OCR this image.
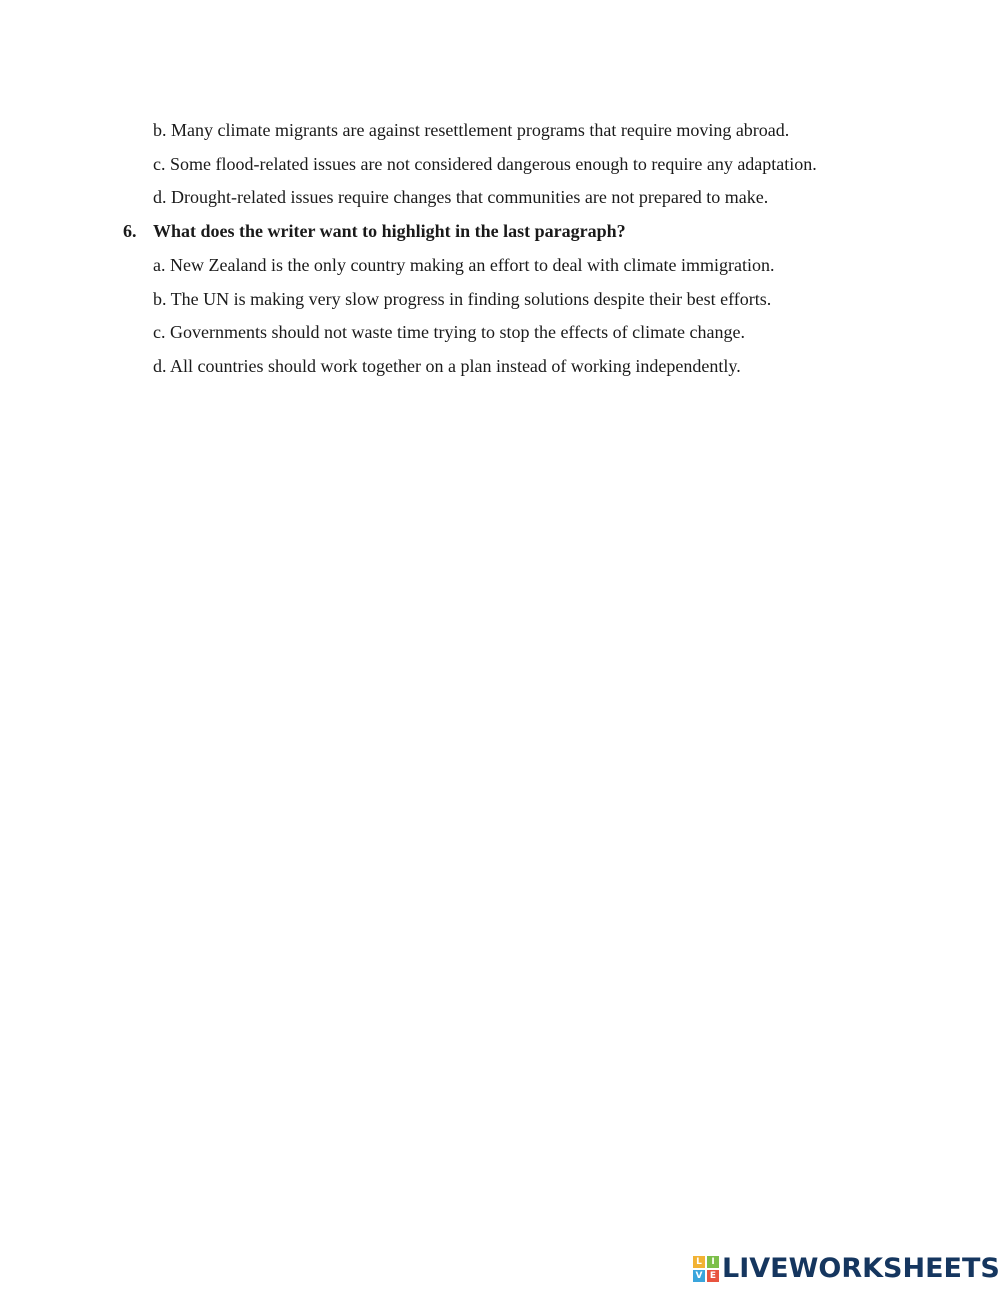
b. Many climate migrants are against resettlement programs that require moving abroad.
c. Some flood-related issues are not considered dangerous enough to require any adaptation.
d. Drought-related issues require changes that communities are not prepared to make.
6. What does the writer want to highlight in the last paragraph?
a. New Zealand is the only country making an effort to deal with climate immigration.
b. The UN is making very slow progress in finding solutions despite their best efforts.
c. Governments should not waste time trying to stop the effects of climate change.
d. All countries should work together on a plan instead of working independently.
L	I
V E LIVEWORKSHEETS
